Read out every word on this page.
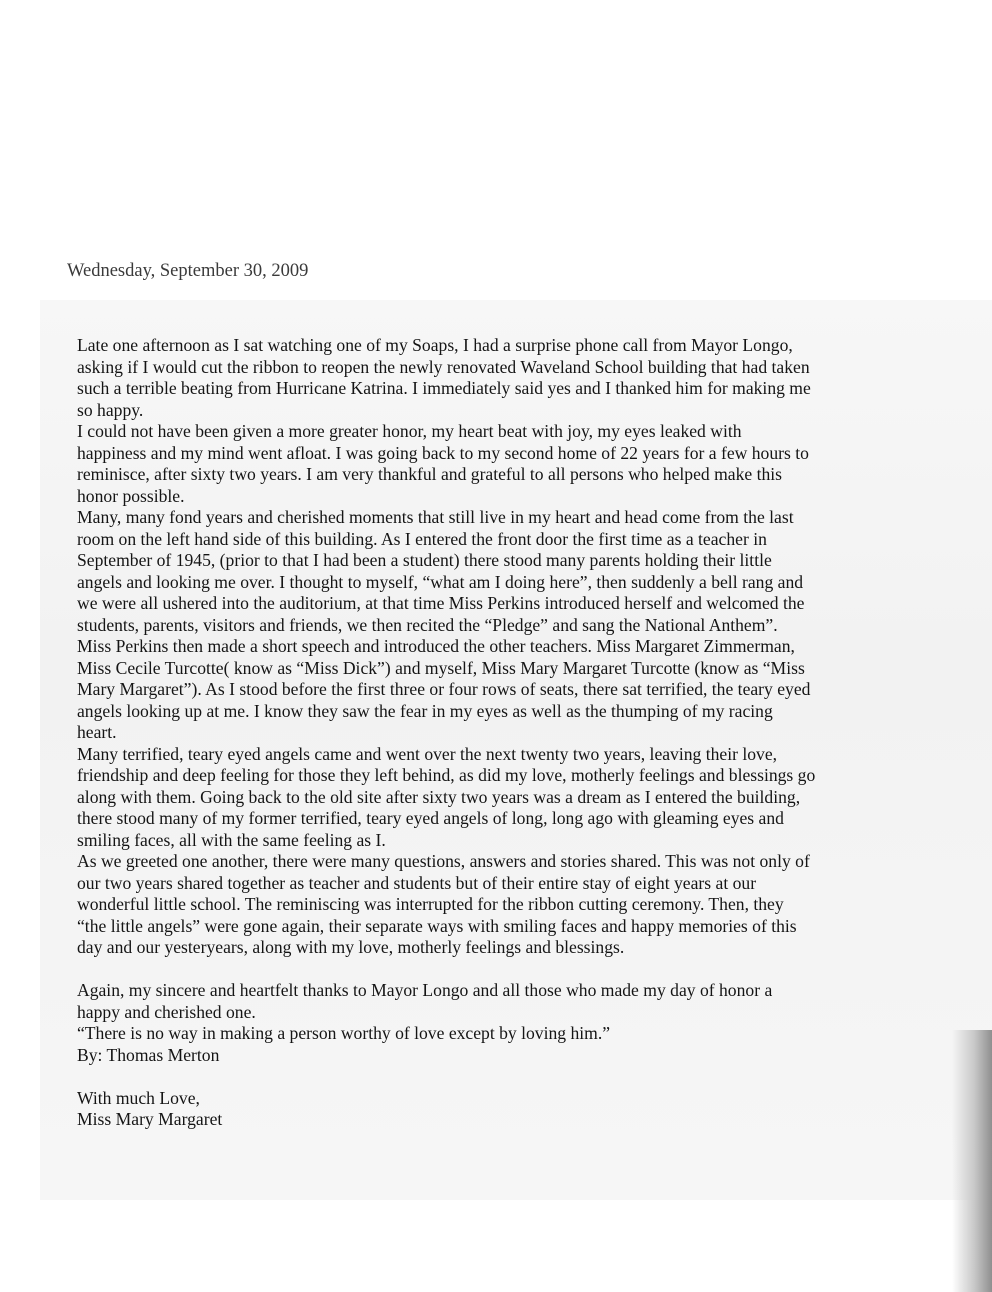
Wednesday, September 30, 2009

Late one afternoon as I sat watching one of my Soaps, I had a surprise phone call from Mayor Longo,

asking if I would cut the ribbon to reopen the newly renovated Waveland School building that had taken

such a terrible beating from Hurricane Katrina. I immediately said yes and I thanked him for making me

so happy.

I could not have been given a more greater honor, my heart beat with joy, my eyes leaked with

happiness and my mind went afloat. I was going back to my second home of 22 years for a few hours to

reminisce, after sixty two years. I am very thankful and grateful to all persons who helped make this

honor possible.

Many, many fond years and cherished moments that still live in my heart and head come from the last

room on the left hand side of this building. As I entered the front door the first time as a teacher in

September of 1945, (prior to that I had been a student) there stood many parents holding their little

angels and looking me over. I thought to myself, “what am I doing here”, then suddenly a bell rang and

we were all ushered into the auditorium, at that time Miss Perkins introduced herself and welcomed the

students, parents, visitors and friends, we then recited the “Pledge” and sang the National Anthem”.

Miss Perkins then made a short speech and introduced the other teachers. Miss Margaret Zimmerman,

Miss Cecile Turcotte( know as “Miss Dick”) and myself, Miss Mary Margaret Turcotte (know as “Miss

Mary Margaret”). As I stood before the first three or four rows of seats, there sat terrified, the teary eyed

angels looking up at me. I know they saw the fear in my eyes as well as the thumping of my racing

heart.

Many terrified, teary eyed angels came and went over the next twenty two years, leaving their love,

friendship and deep feeling for those they left behind, as did my love, motherly feelings and blessings go

along with them. Going back to the old site after sixty two years was a dream as I entered the building,

there stood many of my former terrified, teary eyed angels of long, long ago with gleaming eyes and

smiling faces, all with the same feeling as I.

As we greeted one another, there were many questions, answers and stories shared. This was not only of

our two years shared together as teacher and students but of their entire stay of eight years at our

wonderful little school. The reminiscing was interrupted for the ribbon cutting ceremony. Then, they

“the little angels” were gone again, their separate ways with smiling faces and happy memories of this

day and our yesteryears, along with my love, motherly feelings and blessings.

Again, my sincere and heartfelt thanks to Mayor Longo and all those who made my day of honor a

happy and cherished one.

“There is no way in making a person worthy of love except by loving him.”

By: Thomas Merton

With much Love,

Miss Mary Margaret
